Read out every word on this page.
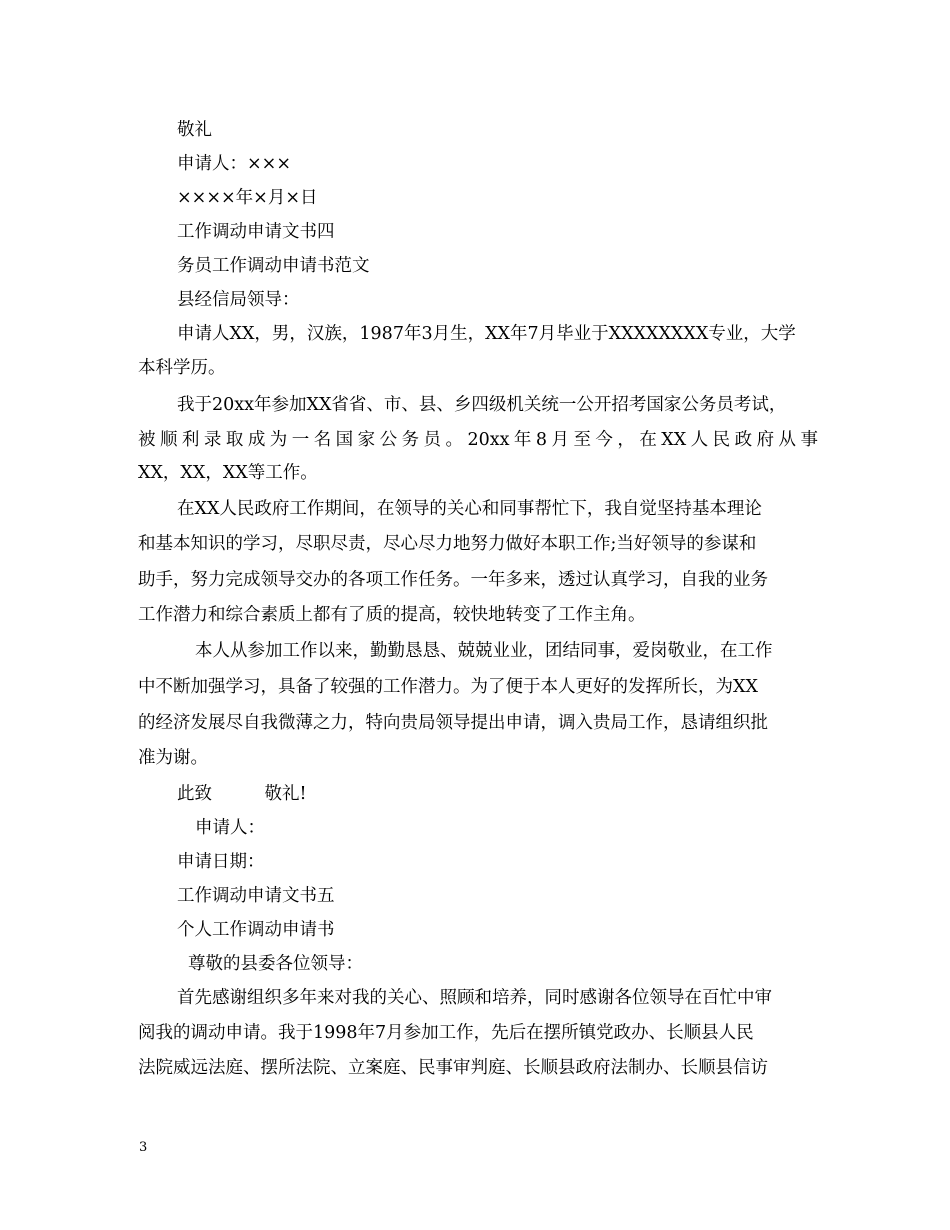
敬礼
申请人：×××
××××年×月×日
工作调动申请文书四
务员工作调动申请书范文
县经信局领导：
申请人XX，男，汉族，1987年3月生，XX年7月毕业于XXXXXXXX专业，大学
本科学历。
我于20xx年参加XX省省、市、县、乡四级机关统一公开招考国家公务员考试，
被顺利录取成为一名国家公务员。20xx年8月至今，在XX人民政府从事
XX，XX，XX等工作。
在XX人民政府工作期间，在领导的关心和同事帮忙下，我自觉坚持基本理论
和基本知识的学习，尽职尽责，尽心尽力地努力做好本职工作;当好领导的参谋和
助手，努力完成领导交办的各项工作任务。一年多来，透过认真学习，自我的业务
工作潜力和综合素质上都有了质的提高，较快地转变了工作主角。
本人从参加工作以来，勤勤恳恳、兢兢业业，团结同事，爱岗敬业，在工作
中不断加强学习，具备了较强的工作潜力。为了便于本人更好的发挥所长，为XX
的经济发展尽自我微薄之力，特向贵局领导提出申请，调入贵局工作，恳请组织批
准为谢。
此致　　　敬礼!
申请人：
申请日期：
工作调动申请文书五
个人工作调动申请书
尊敬的县委各位领导：
首先感谢组织多年来对我的关心、照顾和培养，同时感谢各位领导在百忙中审
阅我的调动申请。我于1998年7月参加工作，先后在摆所镇党政办、长顺县人民
法院威远法庭、摆所法院、立案庭、民事审判庭、长顺县政府法制办、长顺县信访
3
